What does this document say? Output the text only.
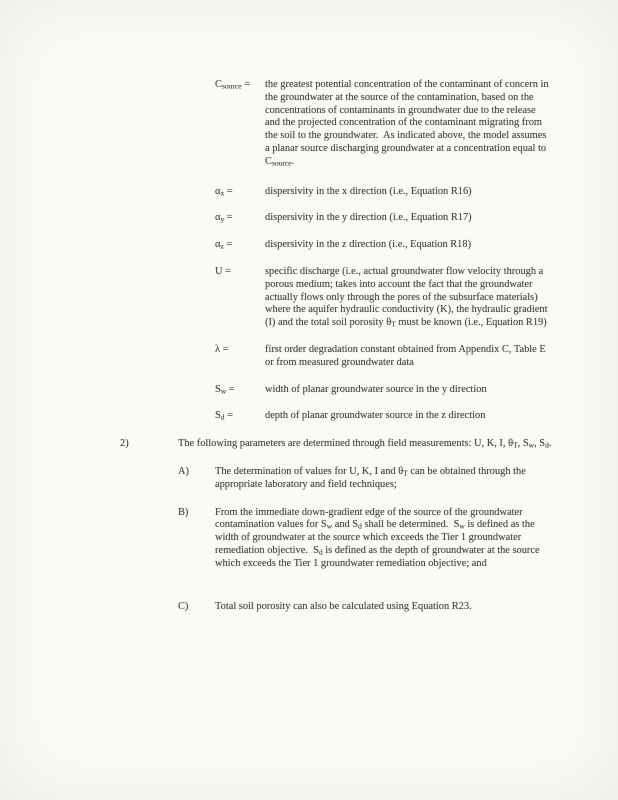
$C_{source}$ =	the greatest potential concentration of the contaminant of concern in the groundwater at the source of the contamination, based on the concentrations of contaminants in groundwater due to the release and the projected concentration of the contaminant migrating from the soil to the groundwater.  As indicated above, the model assumes a planar source discharging groundwater at a concentration equal to $C_{source}$.
$\alpha_x$ =	dispersivity in the x direction (i.e., Equation R16)
$\alpha_y$ =	dispersivity in the y direction (i.e., Equation R17)
$\alpha_z$ =	dispersivity in the z direction (i.e., Equation R18)
U =	specific discharge (i.e., actual groundwater flow velocity through a porous medium; takes into account the fact that the groundwater actually flows only through the pores of the subsurface materials) where the aquifer hydraulic conductivity (K), the hydraulic gradient (I) and the total soil porosity $\theta_T$ must be known (i.e., Equation R19)
λ =	first order degradation constant obtained from Appendix C, Table E or from measured groundwater data
$S_w$ =	width of planar groundwater source in the y direction
$S_d$ =	depth of planar groundwater source in the z direction
2)	The following parameters are determined through field measurements: U, K, I, $\theta_T$, $S_w$, $S_d$.
A)	The determination of values for U, K, I and $\theta_T$ can be obtained through the appropriate laboratory and field techniques;
B)	From the immediate down-gradient edge of the source of the groundwater contamination values for $S_w$ and $S_d$ shall be determined.  $S_w$ is defined as the width of groundwater at the source which exceeds the Tier 1 groundwater remediation objective.  $S_d$ is defined as the depth of groundwater at the source which exceeds the Tier 1 groundwater remediation objective; and
C)	Total soil porosity can also be calculated using Equation R23.
